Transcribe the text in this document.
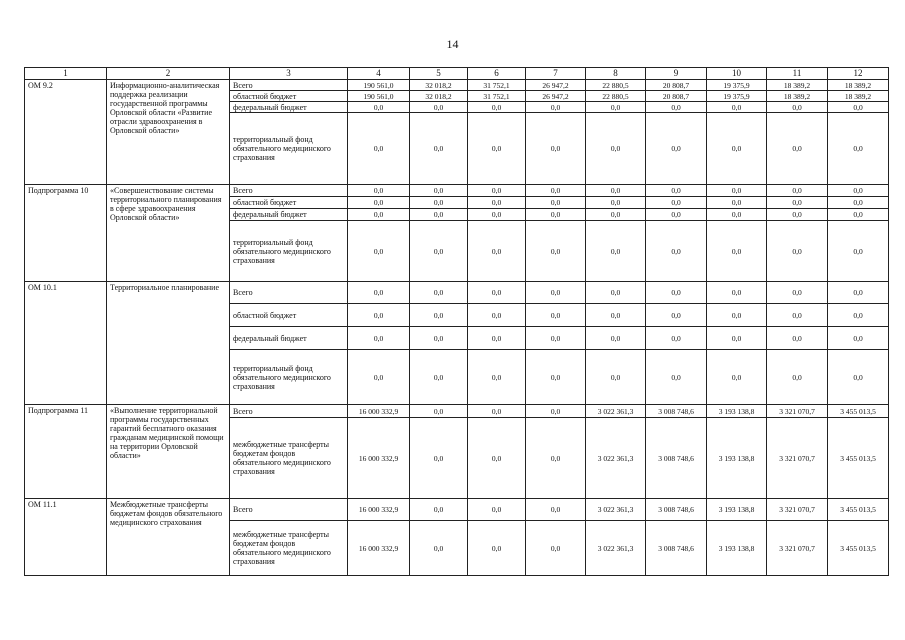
14
1	2	3	4	5	6	7	8	9	10	11	12
ОМ 9.2	Информационно-аналитическая поддержка реализации государственной программы Орловской области «Развитие отрасли здравоохранения в Орловской области»	Всего	190 561,0	32 018,2	31 752,1	26 947,2	22 880,5	20 808,7	19 375,9	18 389,2	18 389,2
		областной бюджет	190 561,0	32 018,2	31 752,1	26 947,2	22 880,5	20 808,7	19 375,9	18 389,2	18 389,2
		федеральный бюджет	0,0	0,0	0,0	0,0	0,0	0,0	0,0	0,0	0,0
		территориальный фонд обязательного медицинского страхования	0,0	0,0	0,0	0,0	0,0	0,0	0,0	0,0	0,0
Подпрограмма 10	«Совершенствование системы территориального планирования в сфере здравоохранения Орловской области»	Всего	0,0	0,0	0,0	0,0	0,0	0,0	0,0	0,0	0,0
		областной бюджет	0,0	0,0	0,0	0,0	0,0	0,0	0,0	0,0	0,0
		федеральный бюджет	0,0	0,0	0,0	0,0	0,0	0,0	0,0	0,0	0,0
		территориальный фонд обязательного медицинского страхования	0,0	0,0	0,0	0,0	0,0	0,0	0,0	0,0	0,0
ОМ 10.1	Территориальное планирование	Всего	0,0	0,0	0,0	0,0	0,0	0,0	0,0	0,0	0,0
		областной бюджет	0,0	0,0	0,0	0,0	0,0	0,0	0,0	0,0	0,0
		федеральный бюджет	0,0	0,0	0,0	0,0	0,0	0,0	0,0	0,0	0,0
		территориальный фонд обязательного медицинского страхования	0,0	0,0	0,0	0,0	0,0	0,0	0,0	0,0	0,0
Подпрограмма 11	«Выполнение территориальной программы государственных гарантий бесплатного оказания гражданам медицинской помощи на территории Орловской области»	Всего	16 000 332,9	0,0	0,0	0,0	3 022 361,3	3 008 748,6	3 193 138,8	3 321 070,7	3 455 013,5
		межбюджетные трансферты бюджетам фондов обязательного медицинского страхования	16 000 332,9	0,0	0,0	0,0	3 022 361,3	3 008 748,6	3 193 138,8	3 321 070,7	3 455 013,5
ОМ 11.1	Межбюджетные трансферты бюджетам фондов обязательного медицинского страхования	Всего	16 000 332,9	0,0	0,0	0,0	3 022 361,3	3 008 748,6	3 193 138,8	3 321 070,7	3 455 013,5
		межбюджетные трансферты бюджетам фондов обязательного медицинского страхования	16 000 332,9	0,0	0,0	0,0	3 022 361,3	3 008 748,6	3 193 138,8	3 321 070,7	3 455 013,5
